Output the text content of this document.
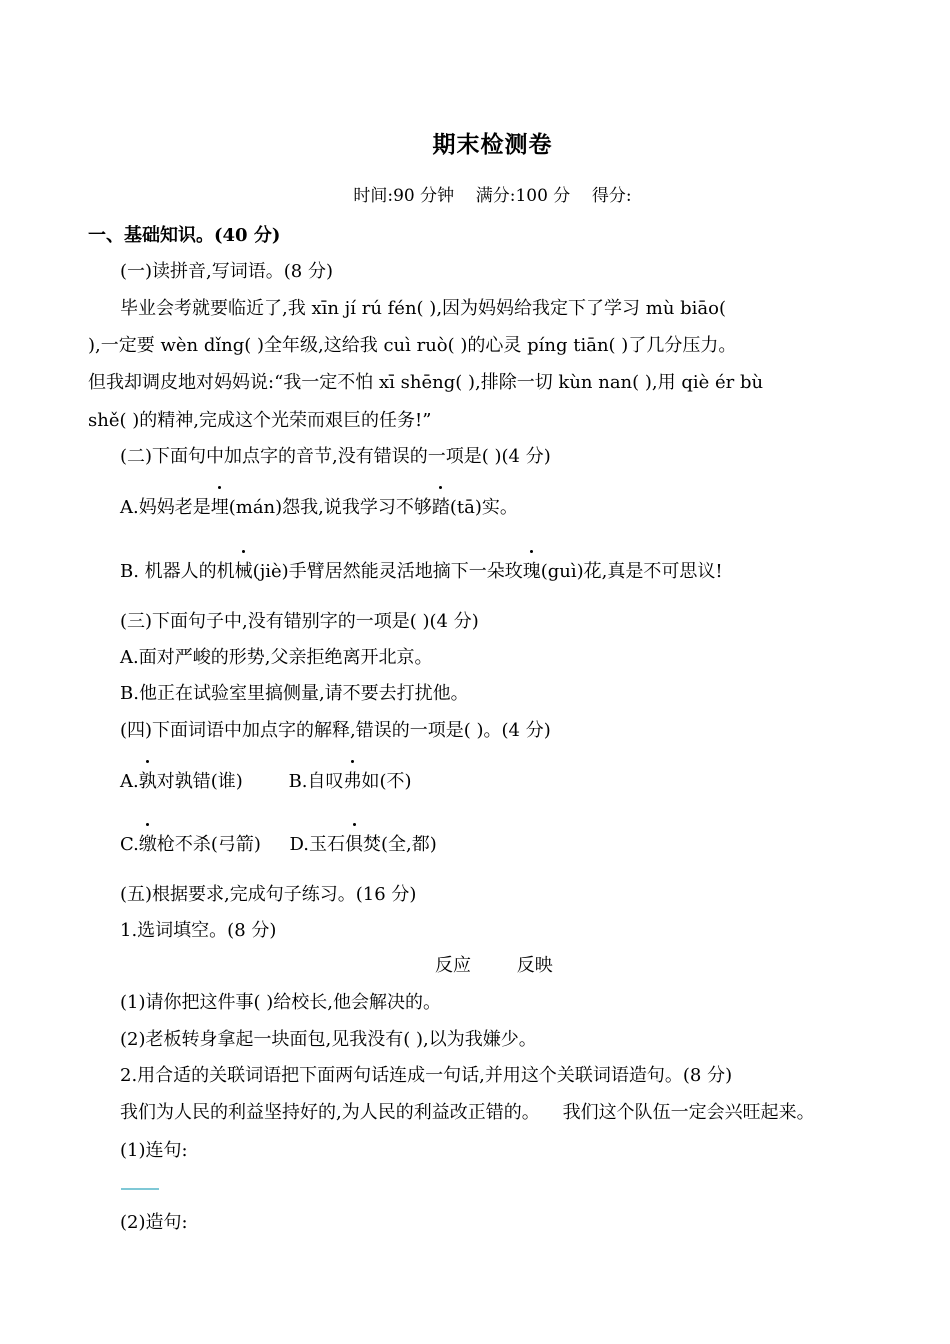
期末检测卷
时间:90 分钟    满分:100 分    得分:
一、基础知识。(40 分)
(一)读拼音,写词语。(8 分)
毕业会考就要临近了,我 xīn jí rú fén( ),因为妈妈给我定下了学习 mù biāo(
),一定要 wèn dǐng( )全年级,这给我 cuì ruò( )的心灵 píng tiān( )了几分压力。
但我却调皮地对妈妈说:“我一定不怕 xī shēng( ),排除一切 kùn nan( ),用 qiè ér bù
shě( )的精神,完成这个光荣而艰巨的任务!”
(二)下面句中加点字的音节,没有错误的一项是( )(4 分)
A.妈妈老是埋(mán)怨我,说我学习不够踏(tā)实。
B. 机器人的机械(jiè)手臂居然能灵活地摘下一朵玫瑰(guì)花,真是不可思议!
(三)下面句子中,没有错别字的一项是( )(4 分)
A.面对严峻的形势,父亲拒绝离开北京。
B.他正在试验室里搞侧量,请不要去打扰他。
(四)下面词语中加点字的解释,错误的一项是( )。(4 分)
A.孰对孰错(谁)	B.自叹弗如(不)
C.缴枪不杀(弓箭) D.玉石俱焚(全,都)
(五)根据要求,完成句子练习。(16 分)
1.选词填空。(8 分)
反应        反映
(1)请你把这件事( )给校长,他会解决的。
(2)老板转身拿起一块面包,见我没有( ),以为我嫌少。
2.用合适的关联词语把下面两句话连成一句话,并用这个关联词语造句。(8 分)
我们为人民的利益坚持好的,为人民的利益改正错的。    我们这个队伍一定会兴旺起来。
(1)连句:
(2)造句:
